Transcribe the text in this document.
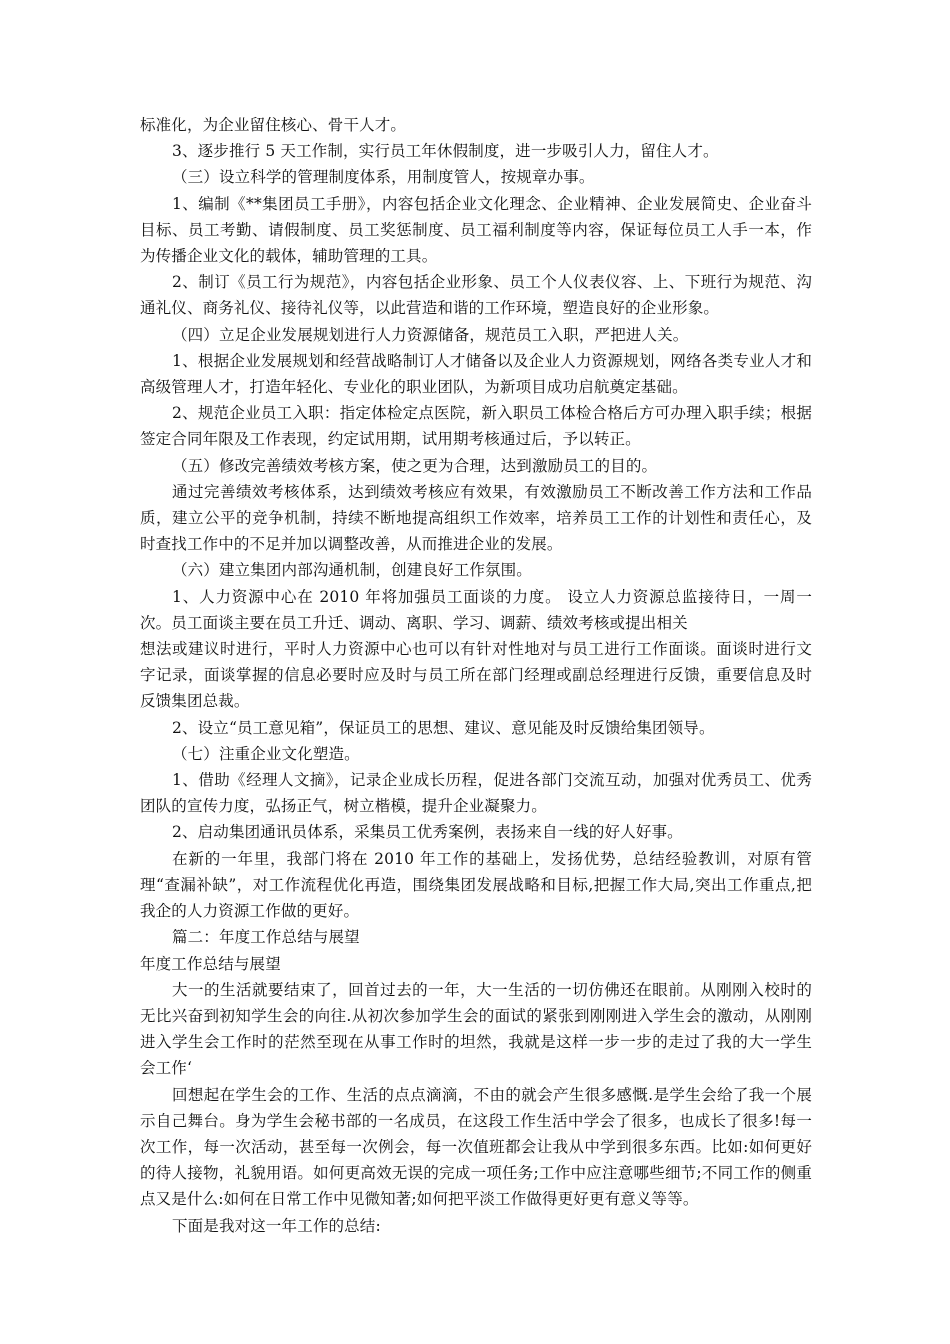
标准化，为企业留住核心、骨干人才。

3、逐步推行 5 天工作制，实行员工年休假制度，进一步吸引人力，留住人才。

（三）设立科学的管理制度体系，用制度管人，按规章办事。

1、编制《**集团员工手册》，内容包括企业文化理念、企业精神、企业发展简史、企业奋斗目标、员工考勤、请假制度、员工奖惩制度、员工福利制度等内容，保证每位员工人手一本，作为传播企业文化的载体，辅助管理的工具。

2、制订《员工行为规范》，内容包括企业形象、员工个人仪表仪容、上、下班行为规范、沟通礼仪、商务礼仪、接待礼仪等，以此营造和谐的工作环境，塑造良好的企业形象。

（四）立足企业发展规划进行人力资源储备，规范员工入职，严把进人关。

1、根据企业发展规划和经营战略制订人才储备以及企业人力资源规划，网络各类专业人才和高级管理人才，打造年轻化、专业化的职业团队，为新项目成功启航奠定基础。

2、规范企业员工入职：指定体检定点医院，新入职员工体检合格后方可办理入职手续；根据签定合同年限及工作表现，约定试用期，试用期考核通过后，予以转正。

（五）修改完善绩效考核方案，使之更为合理，达到激励员工的目的。

通过完善绩效考核体系，达到绩效考核应有效果，有效激励员工不断改善工作方法和工作品质，建立公平的竞争机制，持续不断地提高组织工作效率，培养员工工作的计划性和责任心，及时查找工作中的不足并加以调整改善，从而推进企业的发展。

（六）建立集团内部沟通机制，创建良好工作氛围。

1、人力资源中心在 2010 年将加强员工面谈的力度。 设立人力资源总监接待日，一周一次。员工面谈主要在员工升迁、调动、离职、学习、调薪、绩效考核或提出相关

想法或建议时进行，平时人力资源中心也可以有针对性地对与员工进行工作面谈。面谈时进行文字记录，面谈掌握的信息必要时应及时与员工所在部门经理或副总经理进行反馈，重要信息及时反馈集团总裁。

2、设立“员工意见箱”，保证员工的思想、建议、意见能及时反馈给集团领导。

（七）注重企业文化塑造。

1、借助《经理人文摘》，记录企业成长历程，促进各部门交流互动，加强对优秀员工、优秀团队的宣传力度，弘扬正气，树立楷模，提升企业凝聚力。

2、启动集团通讯员体系，采集员工优秀案例，表扬来自一线的好人好事。

在新的一年里，我部门将在 2010 年工作的基础上，发扬优势，总结经验教训，对原有管理“查漏补缺”，对工作流程优化再造，围绕集团发展战略和目标,把握工作大局,突出工作重点,把我企的人力资源工作做的更好。

篇二：年度工作总结与展望

年度工作总结与展望

大一的生活就要结束了，回首过去的一年，大一生活的一切仿佛还在眼前。从刚刚入校时的无比兴奋到初知学生会的向往.从初次参加学生会的面试的紧张到刚刚进入学生会的激动，从刚刚进入学生会工作时的茫然至现在从事工作时的坦然，我就是这样一步一步的走过了我的大一学生会工作‘

回想起在学生会的工作、生活的点点滴滴，不由的就会产生很多感慨.是学生会给了我一个展示自己舞台。身为学生会秘书部的一名成员，在这段工作生活中学会了很多，也成长了很多!每一次工作，每一次活动，甚至每一次例会，每一次值班都会让我从中学到很多东西。比如:如何更好的待人接物，礼貌用语。如何更高效无误的完成一项任务;工作中应注意哪些细节;不同工作的侧重点又是什么:如何在日常工作中见微知著;如何把平淡工作做得更好更有意义等等。

下面是我对这一年工作的总结:
